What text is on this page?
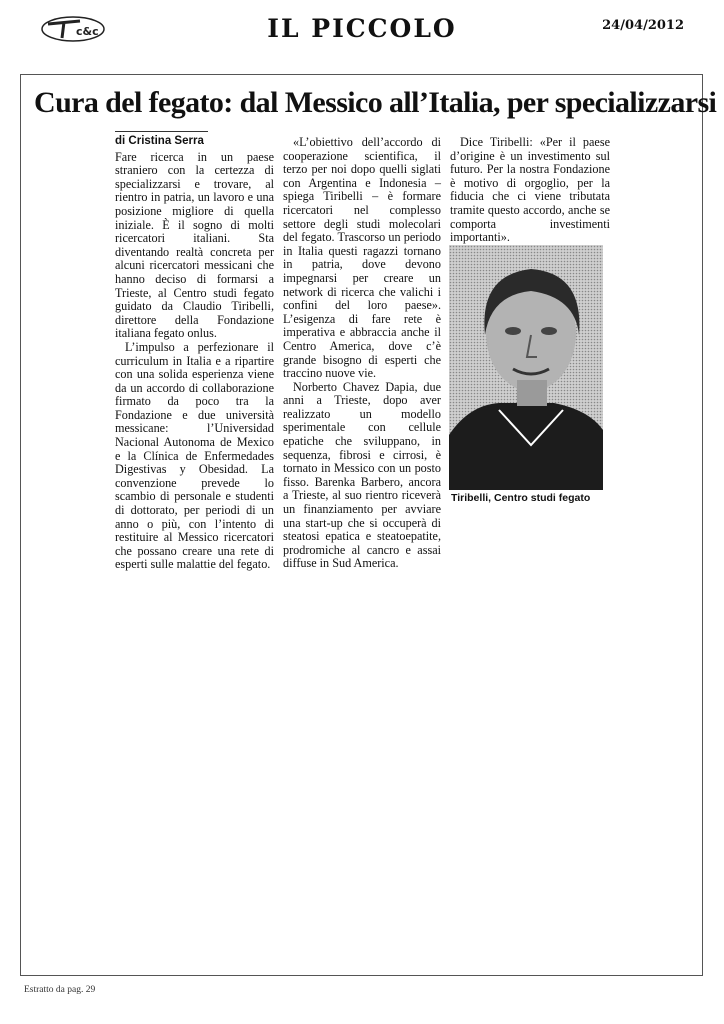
c&c	IL PICCOLO	24/04/2012
Cura del fegato: dal Messico all’Italia, per specializzarsi

di Cristina Serra

Fare ricerca in un paese straniero con la certezza di specializzarsi e trovare, al rientro in patria, un lavoro e una posizione migliore di quella iniziale. È il sogno di molti ricercatori italiani. Sta diventando realtà concreta per alcuni ricercatori messicani che hanno deciso di formarsi a Trieste, al Centro studi fegato guidato da Claudio Tiribelli, direttore della Fondazione italiana fegato onlus.

L’impulso a perfezionare il curriculum in Italia e a ripartire con una solida esperienza viene da un accordo di collaborazione firmato da poco tra la Fondazione e due università messicane: l’Universidad Nacional Autonoma de Mexico e la Clínica de Enfermedades Digestivas y Obesidad. La convenzione prevede lo scambio di personale e studenti di dottorato, per periodi di un anno o più, con l’intento di restituire al Messico ricercatori che possano creare una rete di esperti sulle malattie del fegato.

«L’obiettivo dell’accordo di cooperazione scientifica, il terzo per noi dopo quelli siglati con Argentina e Indonesia – spiega Tiribelli – è formare ricercatori nel complesso settore degli studi molecolari del fegato. Trascorso un periodo in Italia questi ragazzi tornano in patria, dove devono impegnarsi per creare un network di ricerca che valichi i confini del loro paese». L’esigenza di fare rete è imperativa e abbraccia anche il Centro America, dove c’è grande bisogno di esperti che traccino nuove vie.

Norberto Chavez Dapia, due anni a Trieste, dopo aver realizzato un modello sperimentale con cellule epatiche che sviluppano, in sequenza, fibrosi e cirrosi, è tornato in Messico con un posto fisso. Barenka Barbero, ancora a Trieste, al suo rientro riceverà un finanziamento per avviare una start-up che si occuperà di steatosi epatica e steatoepatite, prodromiche al cancro e assai diffuse in Sud America.

Dice Tiribelli: «Per il paese d’origine è un investimento sul futuro. Per la nostra Fondazione è motivo di orgoglio, per la fiducia che ci viene tributata tramite questo accordo, anche se comporta investimenti importanti».

Tiribelli, Centro studi fegato
Estratto da pag. 29
